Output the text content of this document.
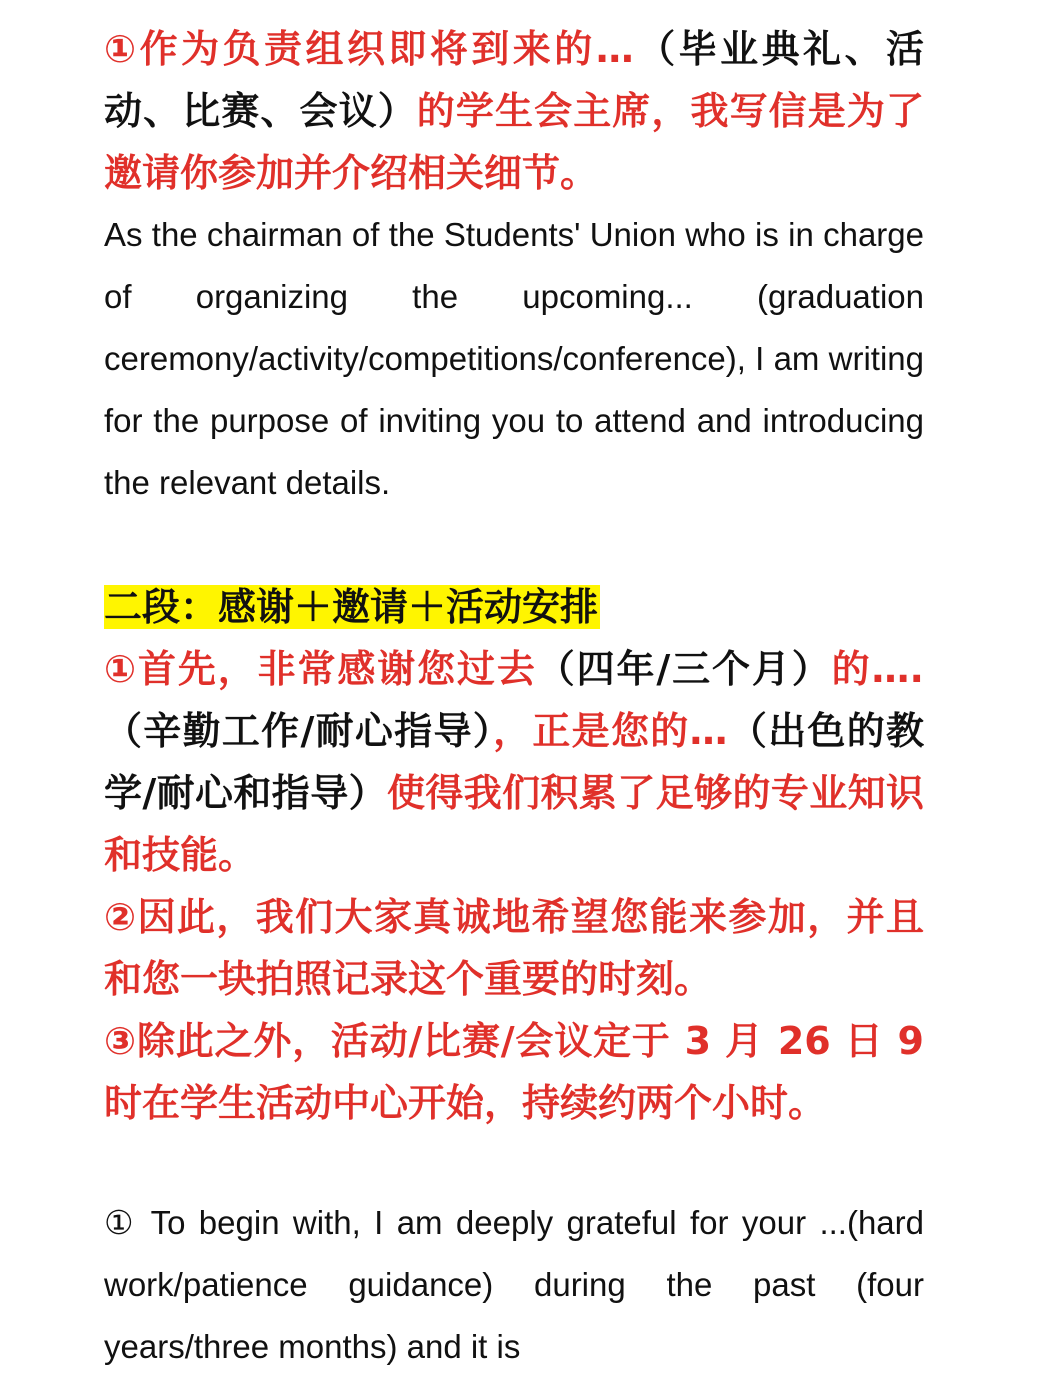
①作为负责组织即将到来的…（毕业典礼、活动、比赛、会议）的学生会主席，我写信是为了邀请你参加并介绍相关细节。

As the chairman of the Students' Union who is in charge of organizing the upcoming... (graduation ceremony/activity/competitions/conference), I am writing for the purpose of inviting you to attend and introducing the relevant details.

二段：感谢＋邀请＋活动安排

①首先，非常感谢您过去（四年/三个月）的….（辛勤工作/耐心指导），正是您的…（出色的教学/耐心和指导）使得我们积累了足够的专业知识和技能。

②因此，我们大家真诚地希望您能来参加，并且和您一块拍照记录这个重要的时刻。

③除此之外，活动/比赛/会议定于 3 月 26 日 9 时在学生活动中心开始，持续约两个小时。

① To begin with, I am deeply grateful for your ...(hard work/patience guidance) during the past (four years/three months) and it is
